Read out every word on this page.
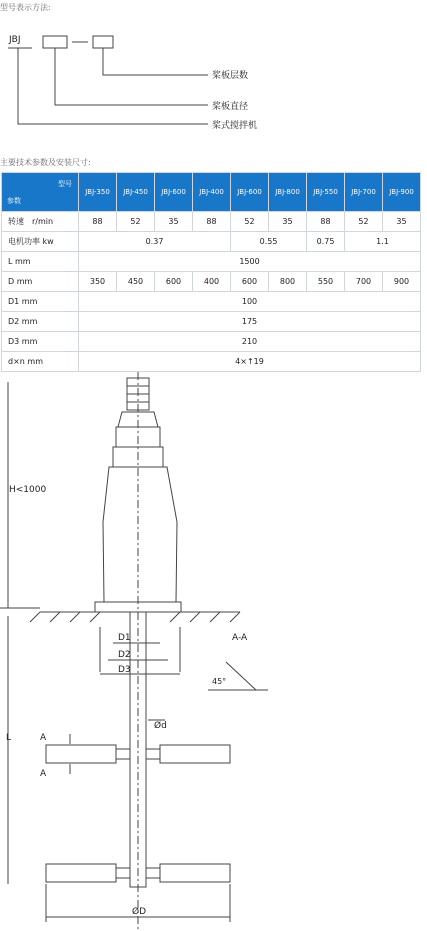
型号表示方法:
JBJ
桨板层数
桨板直径
桨式搅拌机
主要技术参数及安装尺寸:
型号
参数	JBJ-350	JBJ-450	JBJ-600	JBJ-400	JBJ-600	JBJ-800	JBJ-550	JBJ-700	JBJ-900
转速　r/min	88	52	35	88	52	35	88	52	35
电机功率 kw	0.37				0.55		0.75	1.1	
L mm	1500								
D mm	350	450	600	400	600	800	550	700	900
D1 mm	100								
D2 mm	175								
D3 mm	210								
d×n mm	4×↑19								
H<1000
L
D1
D2
D3
A-A
45°
Ød
A
A
ØD
